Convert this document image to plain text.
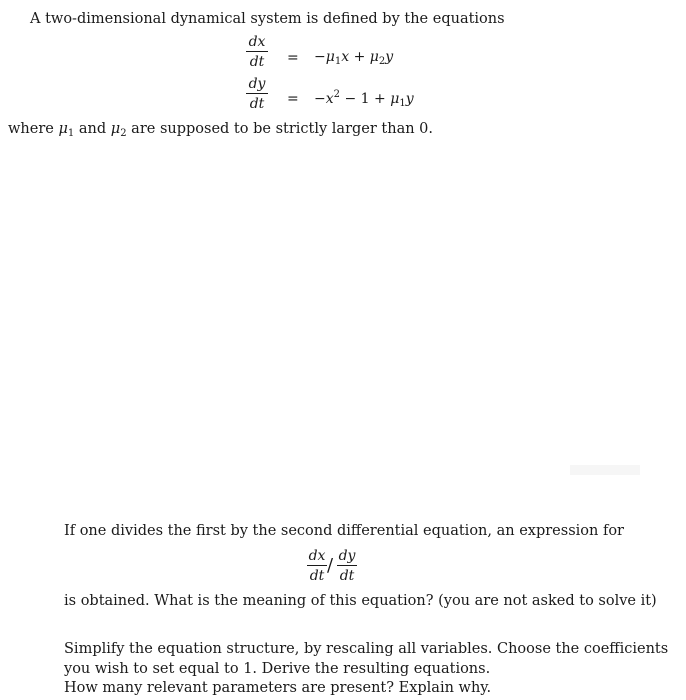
A two-dimensional dynamical system is defined by the equations
dx
dt = $-\mu_1x + \mu_2y$
dy
dt = $-x^2 - 1 + \mu_1y$
where $\mu_1$ and $\mu_2$ are supposed to be strictly larger than 0.
If one divides the first by the second differential equation, an expression for
dx
dt / dy
dt
is obtained. What is the meaning of this equation? (you are not asked to solve it)
Simplify the equation structure, by rescaling all variables. Choose the coefficients
you wish to set equal to 1. Derive the resulting equations.
How many relevant parameters are present? Explain why.
